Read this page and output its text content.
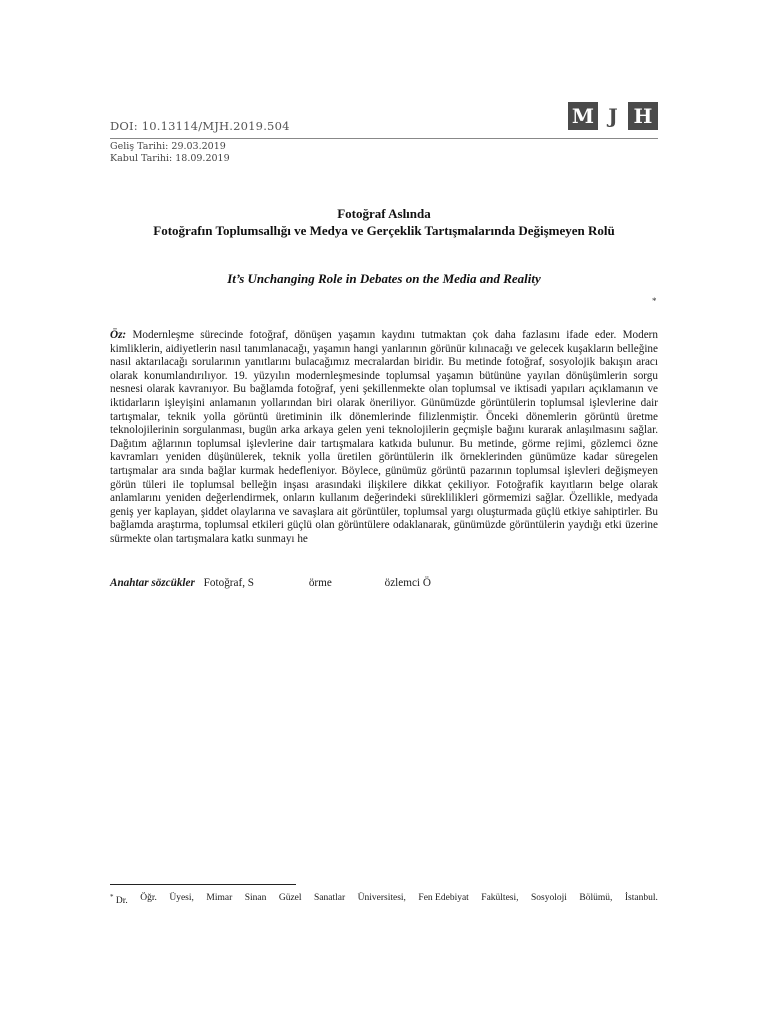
DOI: 10.13114/MJH.2019.504	M J H
Geliş Tarihi: 29.03.2019
Kabul Tarihi: 18.09.2019
Fotoğraf Aslında
Fotoğrafın Toplumsallığı ve Medya ve Gerçeklik Tartışmalarında Değişmeyen Rolü
It’s Unchanging Role in Debates on the Media and Reality
*
Öz: Modernleşme sürecinde fotoğraf, dönüşen yaşamın kaydını tutmaktan çok daha fazlasını ifade eder. Modern kimliklerin, aidiyetlerin nasıl tanımlanacağı, yaşamın hangi yanlarının görünür kılınacağı ve gelecek kuşakların belleğine nasıl aktarılacağı sorularının yanıtlarını bulacağımız mecralardan biridir. Bu metinde fotoğraf, sosyolojik bakışın aracı olarak konumlandırılıyor. 19. yüzyılın modernleşmesinde toplumsal yaşamın bütününe yayılan dönüşümlerin sorgu nesnesi olarak kavranıyor. Bu bağlamda fotoğraf, yeni şekillenmekte olan toplumsal ve iktisadi yapıları açıklamanın ve iktidarların işleyişini anlamanın yollarından biri olarak öneriliyor. Günümüzde görüntülerin toplumsal işlevlerine dair tartışmalar, teknik yolla görüntü üretiminin ilk dönemlerinde filizlenmiştir. Önceki dönemlerin görüntü üretme teknolojilerinin sorgulanması, bugün arka arkaya gelen yeni teknolojilerin geçmişle bağını kurarak anlaşılmasını sağlar. Dağıtım ağlarının toplumsal işlevlerine dair tartışmalara katkıda bulunur. Bu metinde, görme rejimi, gözlemci özne kavramları yeniden düşünülerek, teknik yolla üretilen görüntülerin ilk örneklerinden günümüze kadar süregelen tartışmalar ara sında bağlar kurmak hedefleniyor. Böylece, günümüz görüntü pazarının toplumsal işlevleri değişmeyen görün tüleri ile toplumsal belleğin inşası arasındaki ilişkilere dikkat çekiliyor. Fotoğrafik kayıtların belge olarak anlamlarını yeniden değerlendirmek, onların kullanım değerindeki süreklilikleri görmemizi sağlar. Özellikle, medyada geniş yer kaplayan, şiddet olaylarına ve savaşlara ait görüntüler, toplumsal yargı oluşturmada güçlü etkiye sahiptirler. Bu bağlamda araştırma, toplumsal etkileri güçlü olan görüntülere odaklanarak, günümüzde görüntülerin yaydığı etki üzerine sürmekte olan tartışmalara katkı sunmayı he
Anahtar sözcükler Fotoğraf, S	örme	özlemci Ö
* Dr. Öğr. Üyesi, Mimar Sinan Güzel Sanatlar Üniversitesi, Fen Edebiyat Fakültesi, Sosyoloji Bölümü, İstanbul.
